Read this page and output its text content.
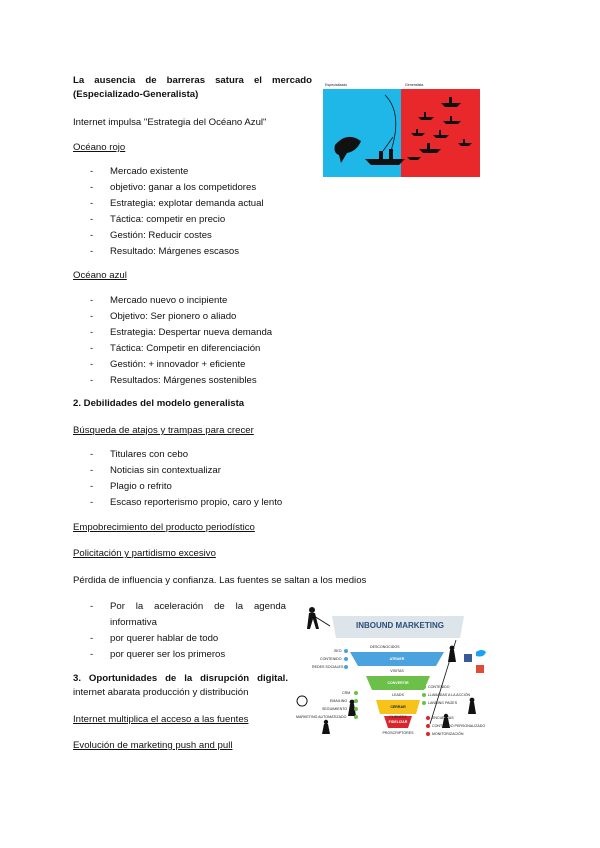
La ausencia de barreras satura el mercado
(Especializado-Generalista)
Internet impulsa "Estrategia del Océano Azul"
Océano rojo
- Mercado existente
- objetivo: ganar a los competidores
- Estrategia: explotar demanda actual
- Táctica: competir en precio
- Gestión: Reducir costes
- Resultado: Márgenes escasos
Océano azul
- Mercado nuevo o incipiente
- Objetivo: Ser pionero o aliado
- Estrategia: Despertar nueva demanda
- Táctica: Competir en diferenciación
- Gestión: + innovador + eficiente
- Resultados: Márgenes sostenibles
Especializado	Generalista
2. Debilidades del modelo generalista
Búsqueda de atajos y trampas para crecer
- Titulares con cebo
- Noticias sin contextualizar
- Plagio o refrito
- Escaso reporterismo propio, caro y lento
Empobrecimiento del producto periodístico
Policitación y partidismo excesivo
Pérdida de influencia y confianza. Las fuentes se saltan a los medios
- Por la aceleración de la agenda
informativa
- por querer hablar de todo
- por querer ser los primeros
3. Oportunidades de la disrupción digital.
internet abarata producción y distribución
Internet multiplica el acceso a las fuentes
Evolución de marketing push and pull
INBOUND MARKETING
DESCONOCIDOS
ATRAER
VISITAS
CONVERTIR
LEADS
CERRAR
CLIENTES
FIDELIZAR
PROSCRIPTORES
SEO
CONTENIDO
REDES SOCIALES
CRM
EMAILING
SEGUIMIENTO
MARKETING AUTOMATIZADO
CONTENIDO
LLAMADAS A LA ACCIÓN
LANDING PAGES
ENCUESTAS
CONTENIDO PERSONALIZADO
MONITORIZACIÓN
